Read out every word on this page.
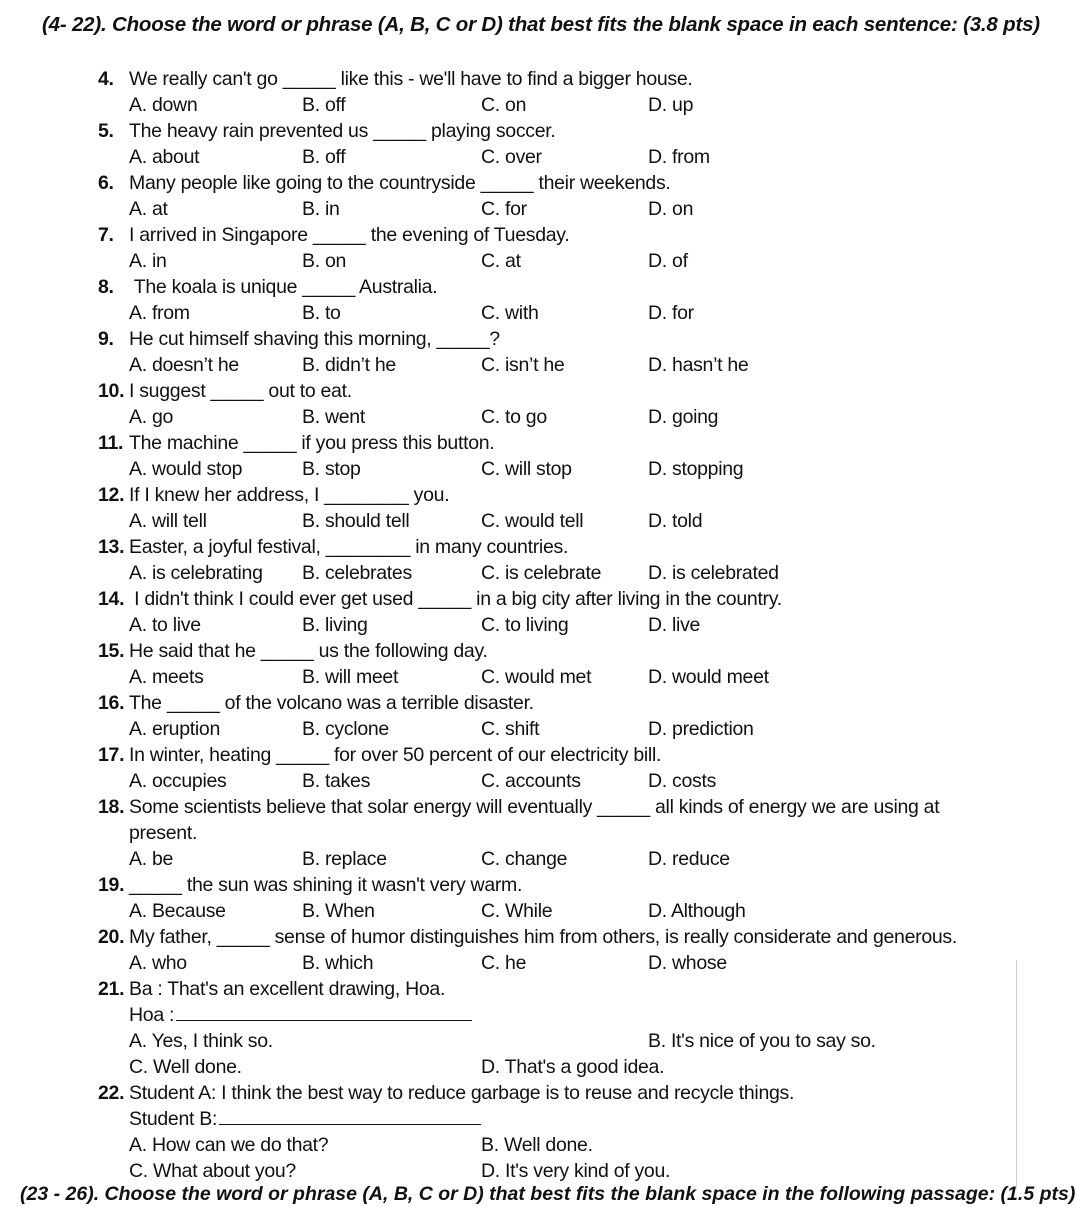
(4- 22). Choose the word or phrase (A, B, C or D) that best fits the blank space in each sentence: (3.8 pts)
4. We really can't go _____ like this - we'll have to find a bigger house.
A. down	B. off	C. on	D. up
5. The heavy rain prevented us _____ playing soccer.
A. about	B. off	C. over	D. from
6. Many people like going to the countryside _____ their weekends.
A. at	B. in	C. for	D. on
7. I arrived in Singapore _____ the evening of Tuesday.
A. in	B. on	C. at	D. of
8. The koala is unique _____ Australia.
A. from	B. to	C. with	D. for
9. He cut himself shaving this morning, _____?
A. doesn’t he	B. didn’t he	C. isn’t he	D. hasn’t he
10. I suggest _____ out to eat.
A. go	B. went	C. to go	D. going
11. The machine _____ if you press this button.
A. would stop	B. stop	C. will stop	D. stopping
12. If I knew her address, I ________ you.
A. will tell	B. should tell	C. would tell	D. told
13. Easter, a joyful festival, ________ in many countries.
A. is celebrating B. celebrates	C. is celebrate D. is celebrated
14. I didn't think I could ever get used _____ in a big city after living in the country.
A. to live	B. living	C. to living	D. live
15. He said that he _____ us the following day.
A. meets	B. will meet	C. would met	D. would meet
16. The _____ of the volcano was a terrible disaster.
A. eruption	B. cyclone	C. shift	D. prediction
17. In winter, heating _____ for over 50 percent of our electricity bill.
A. occupies	B. takes	C. accounts	D. costs
18. Some scientists believe that solar energy will eventually _____ all kinds of energy we are using at
present.
A. be	B. replace	C. change	D. reduce
19. _____ the sun was shining it wasn't very warm.
A. Because	B. When	C. While	D. Although
20. My father, _____ sense of humor distinguishes him from others, is really considerate and generous.
A. who	B. which	C. he	D. whose
21. Ba : That's an excellent drawing, Hoa.
Hoa :
A. Yes, I think so.	B. It's nice of you to say so.
C. Well done.	D. That's a good idea.
22. Student A: I think the best way to reduce garbage is to reuse and recycle things.
Student B:
A. How can we do that?	B. Well done.
C. What about you?	D. It's very kind of you.
(23 - 26). Choose the word or phrase (A, B, C or D) that best fits the blank space in the following passage: (1.5 pts)
